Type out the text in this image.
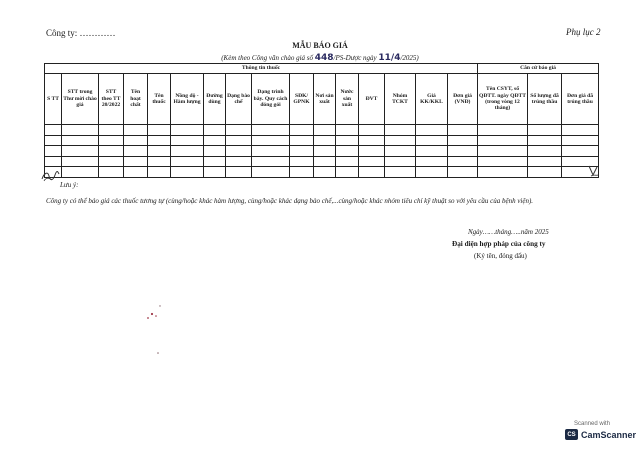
Công ty: …………	Phụ lục 2
MẪU BÁO GIÁ
(Kèm theo Công văn chào giá số 448/PS-Dược ngày 11/4/2025)
Thông tin thuốc																Căn cứ báo giá		
S TT	STT trong Thư mời chào giá	STT theo TT 20/2022	Tên hoạt chất	Tên thuốc	Nồng độ - Hàm lượng	Đường dùng	Dạng bào chế	Dạng trình bày. Quy cách đóng gói	SĐK/ GPNK	Nơi sản xuất	Nước sản xuất	ĐVT	Nhóm TCKT	Giá KK/KKL	Đơn giá (VNĐ)	Tên CSYT, số QĐTT. ngày QĐTT (trong vòng 12 tháng)	Số lượng đã trúng thầu	Đơn giá đã trúng thầu

Lưu ý:
Công ty có thể báo giá các thuốc tương tự (cùng/hoặc khác hàm lượng, cùng/hoặc khác dạng bào chế,...cùng/hoặc khác nhóm tiêu chí kỹ thuật so với yêu cầu của bệnh viện).
Ngày……tháng…..năm 2025
Đại diện hợp pháp của công ty
(Ký tên, đóng dấu)
Scanned with
CS CamScanner
